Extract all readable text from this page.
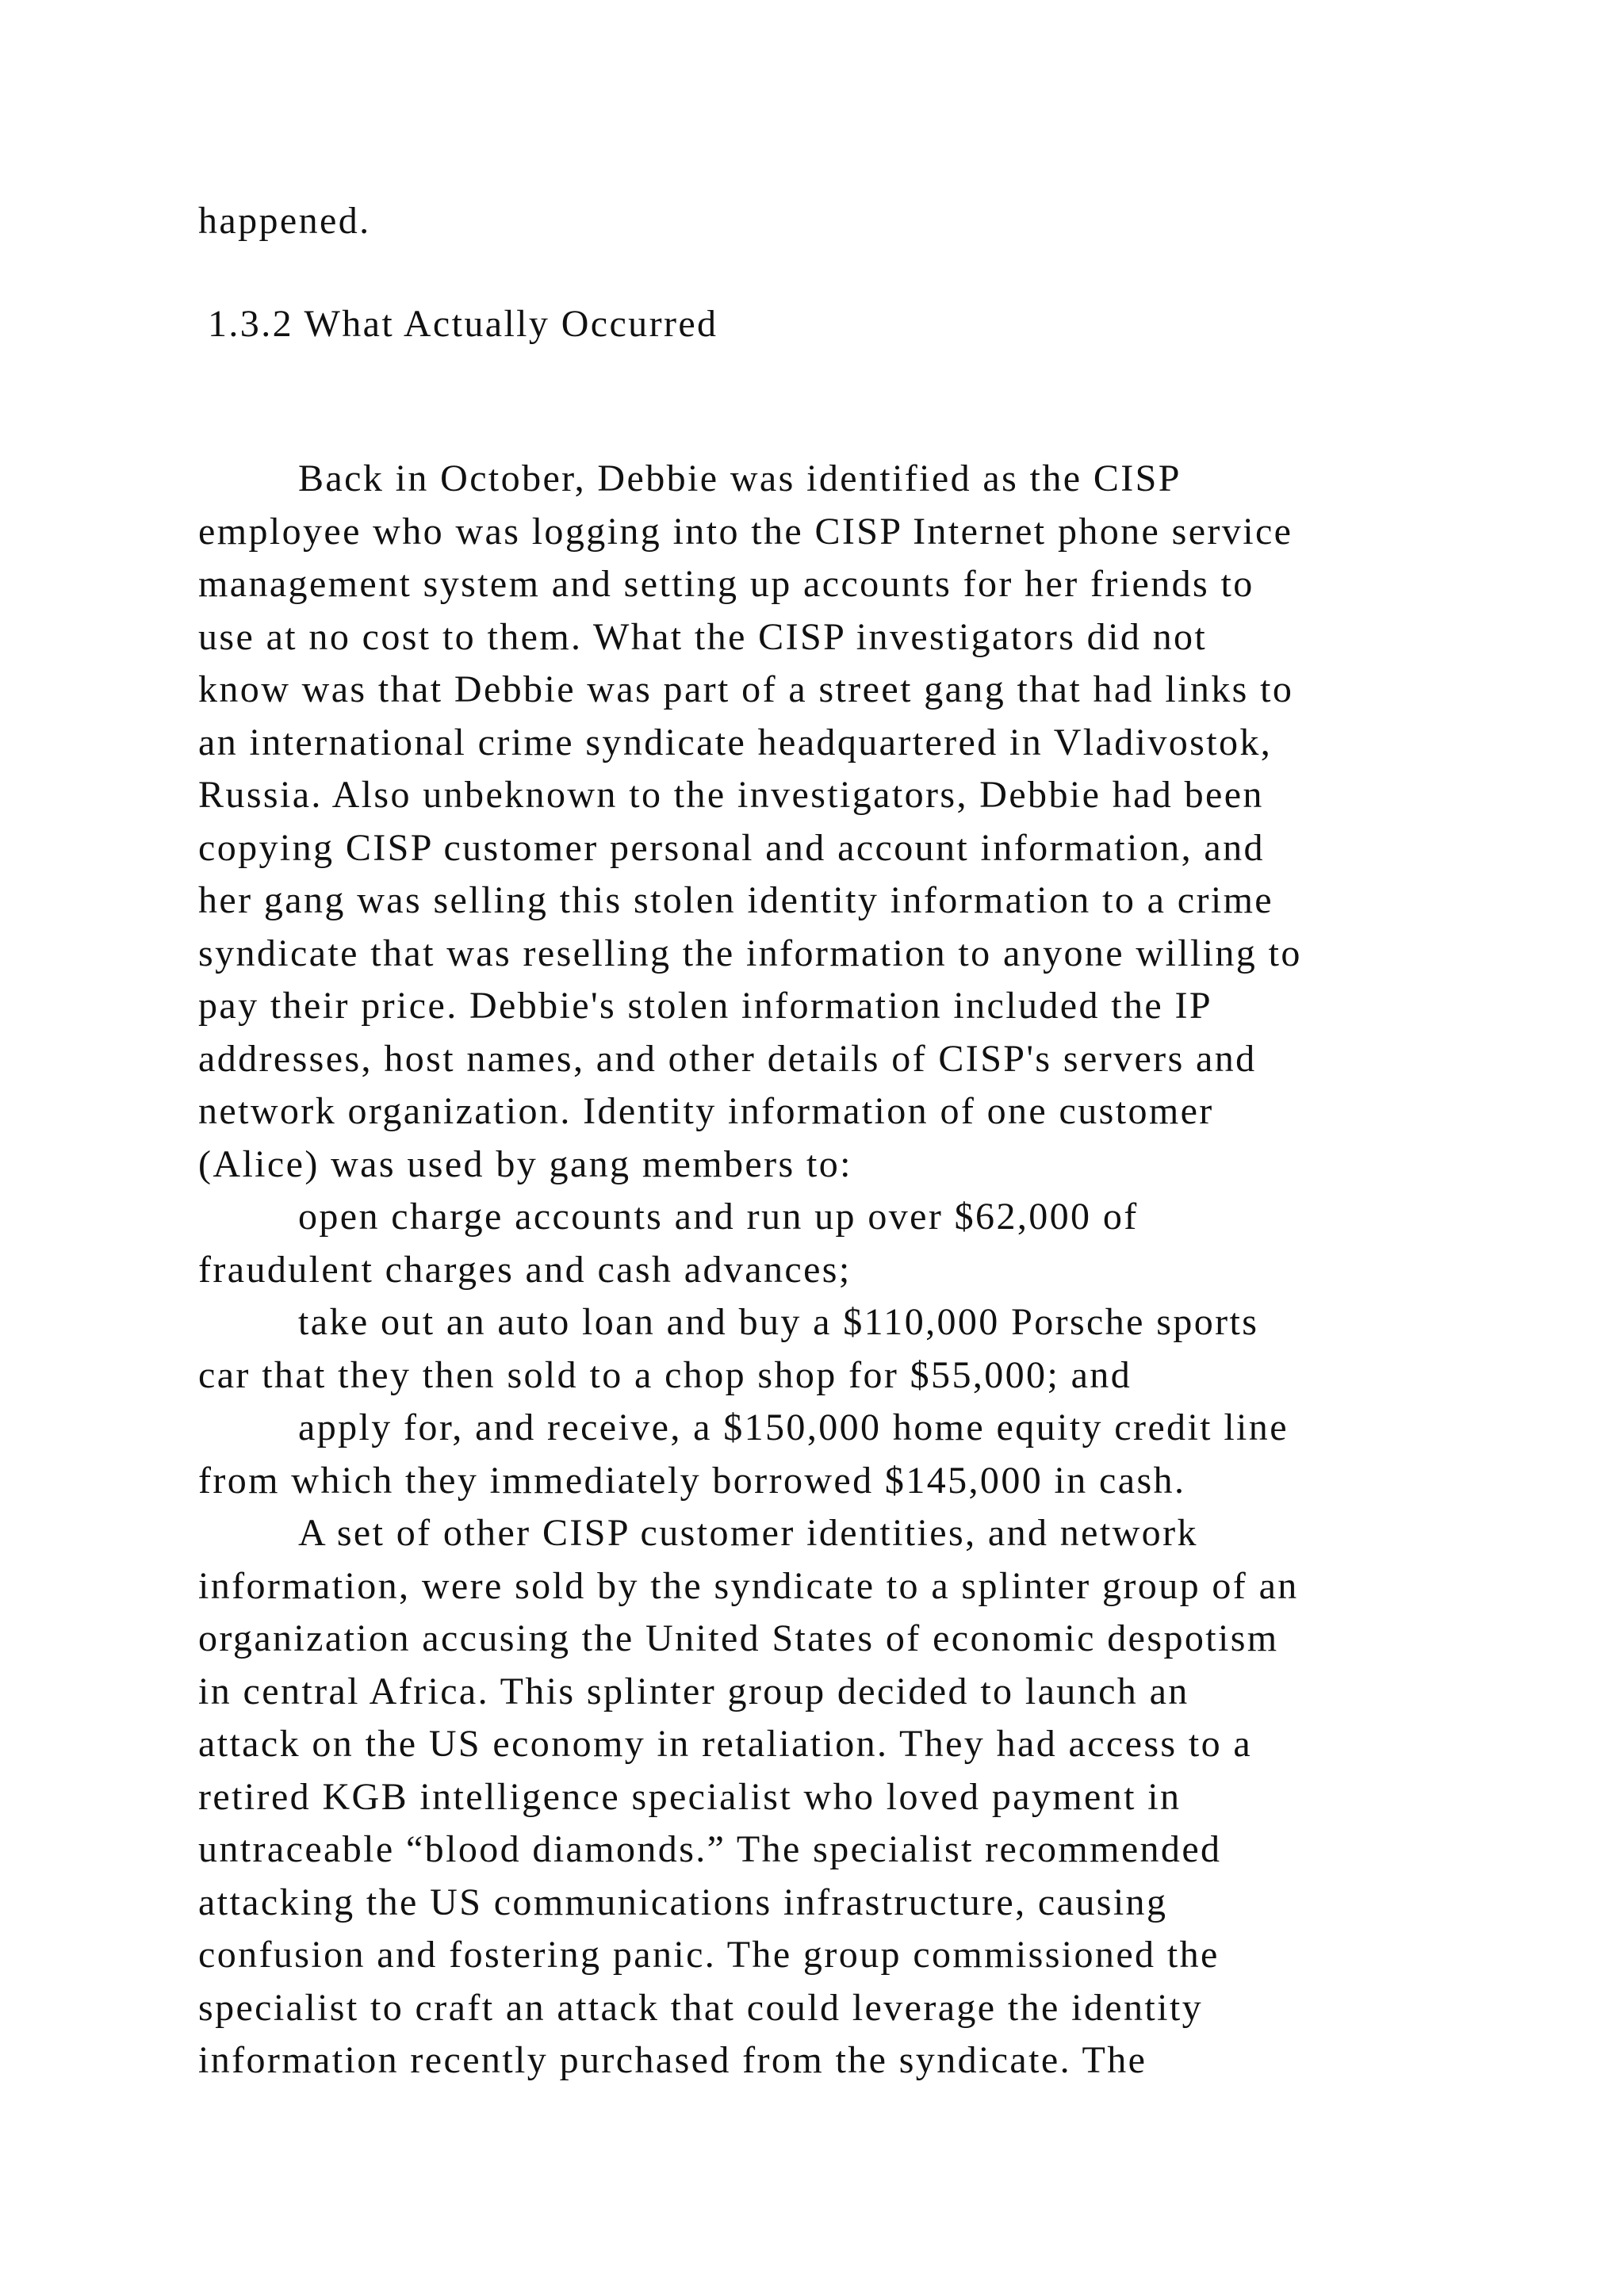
happened.
1.3.2 What Actually Occurred
Back in October, Debbie was identified as the CISP
employee who was logging into the CISP Internet phone service
management system and setting up accounts for her friends to
use at no cost to them. What the CISP investigators did not
know was that Debbie was part of a street gang that had links to
an international crime syndicate headquartered in Vladivostok,
Russia. Also unbeknown to the investigators, Debbie had been
copying CISP customer personal and account information, and
her gang was selling this stolen identity information to a crime
syndicate that was reselling the information to anyone willing to
pay their price. Debbie's stolen information included the IP
addresses, host names, and other details of CISP's servers and
network organization. Identity information of one customer
(Alice) was used by gang members to:
open charge accounts and run up over $62,000 of
fraudulent charges and cash advances;
take out an auto loan and buy a $110,000 Porsche sports
car that they then sold to a chop shop for $55,000; and
apply for, and receive, a $150,000 home equity credit line
from which they immediately borrowed $145,000 in cash.
A set of other CISP customer identities, and network
information, were sold by the syndicate to a splinter group of an
organization accusing the United States of economic despotism
in central Africa. This splinter group decided to launch an
attack on the US economy in retaliation. They had access to a
retired KGB intelligence specialist who loved payment in
untraceable “blood diamonds.” The specialist recommended
attacking the US communications infrastructure, causing
confusion and fostering panic. The group commissioned the
specialist to craft an attack that could leverage the identity
information recently purchased from the syndicate. The
